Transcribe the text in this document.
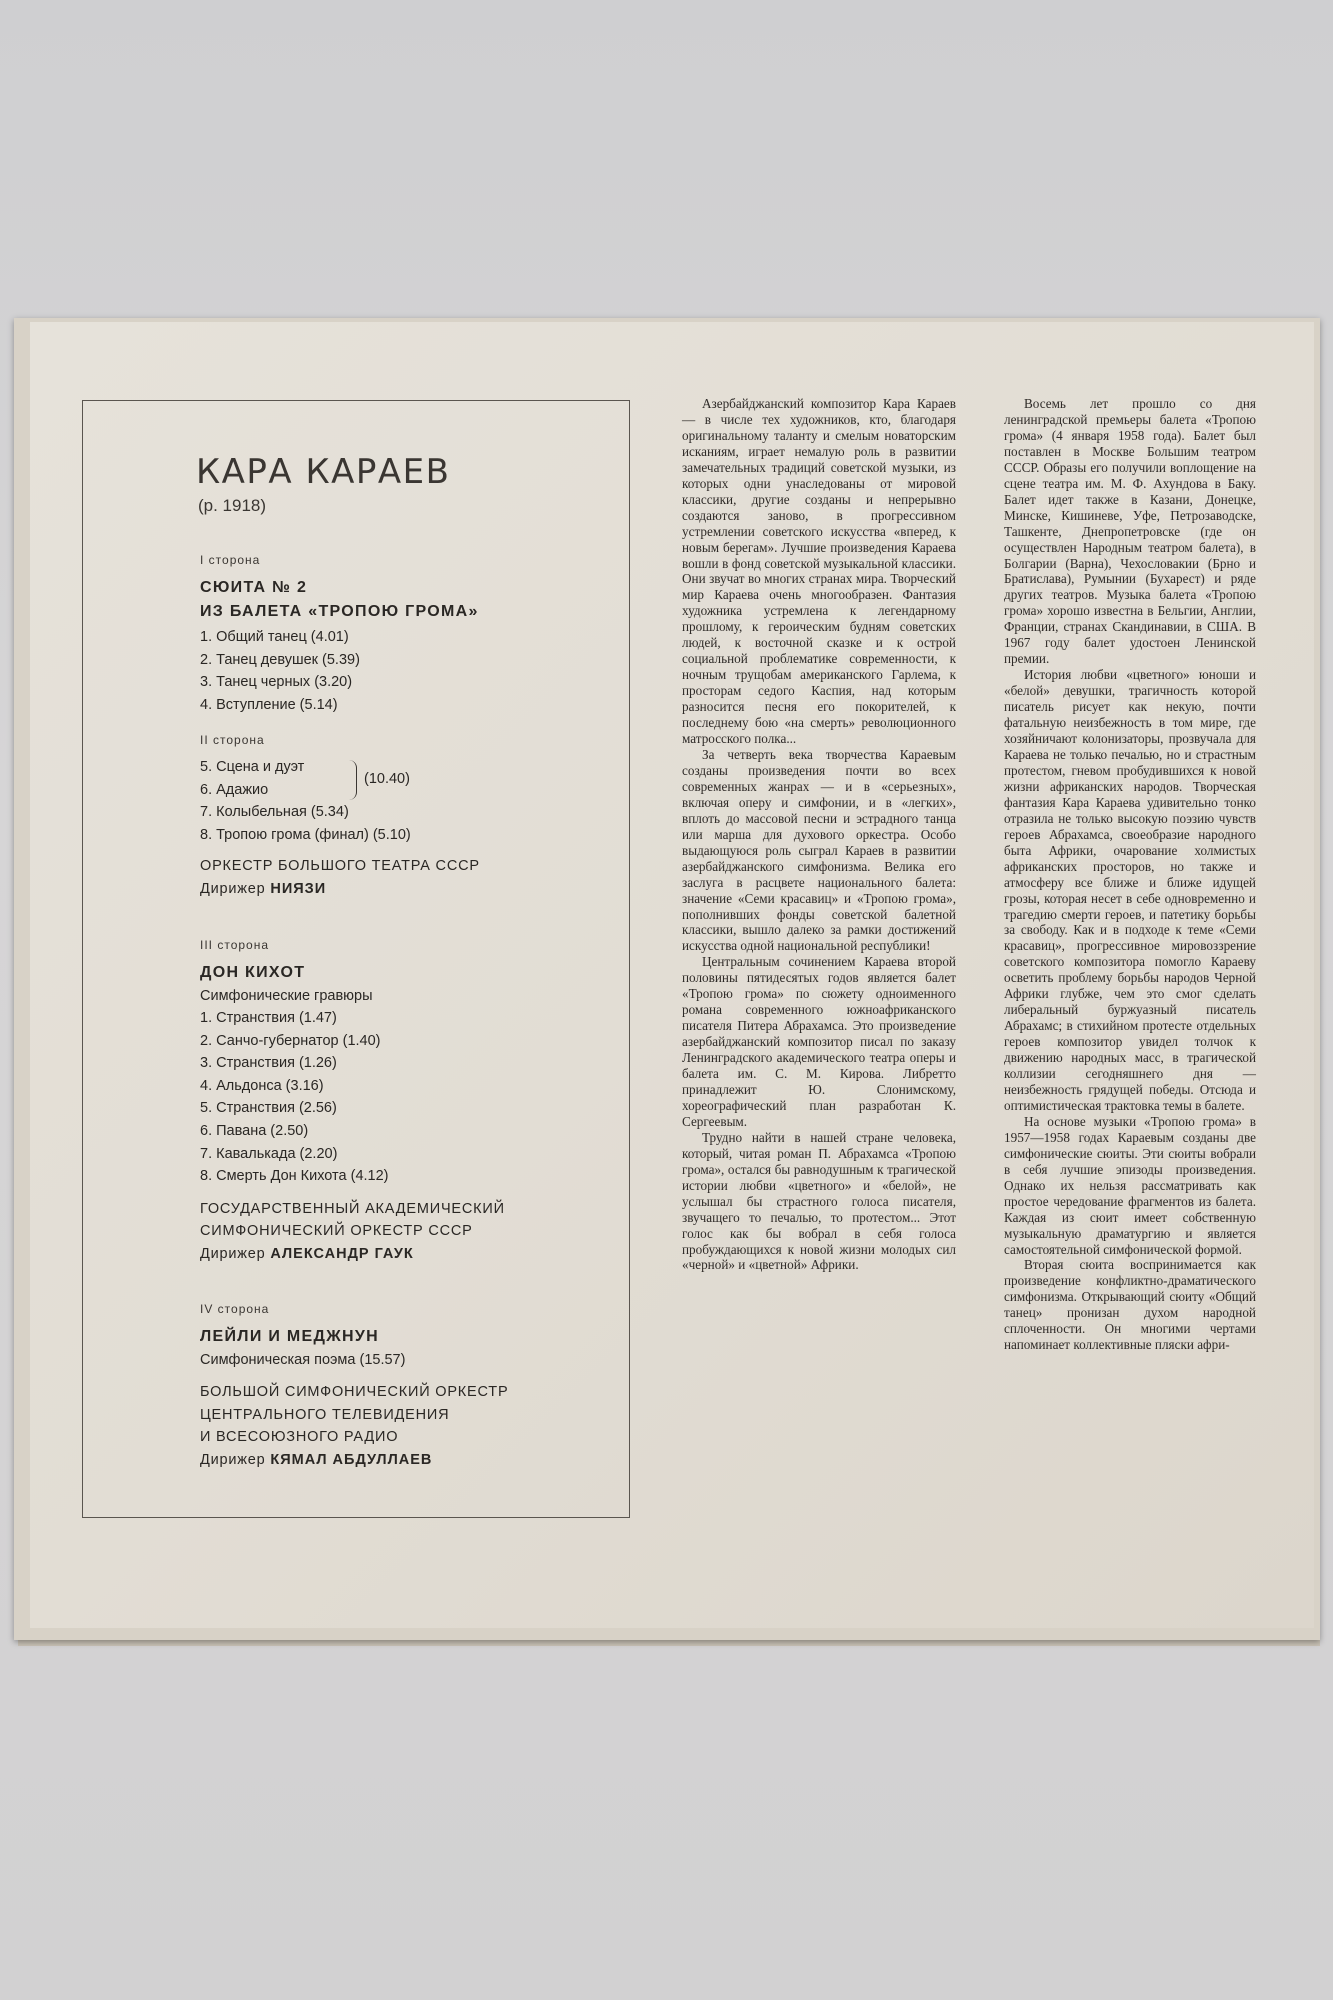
КАРА КАРАЕВ
(р. 1918)
I сторона
СЮИТА № 2
ИЗ БАЛЕТА «ТРОПОЮ ГРОМА»
1. Общий танец (4.01)
2. Танец девушек (5.39)
3. Танец черных (3.20)
4. Вступление (5.14)
II сторона
5. Сцена и дуэт
6. Адажио
7. Колыбельная (5.34)
8. Тропою грома (финал) (5.10)
ОРКЕСТР БОЛЬШОГО ТЕАТРА СССР
Дирижер НИЯЗИ
(10.40)
III сторона
ДОН КИХОТ
Симфонические гравюры
1. Странствия (1.47)
2. Санчо-губернатор (1.40)
3. Странствия (1.26)
4. Альдонса (3.16)
5. Странствия (2.56)
6. Павана (2.50)
7. Кавалькада (2.20)
8. Смерть Дон Кихота (4.12)
ГОСУДАРСТВЕННЫЙ АКАДЕМИЧЕСКИЙ
СИМФОНИЧЕСКИЙ ОРКЕСТР СССР
Дирижер АЛЕКСАНДР ГАУК
IV сторона
ЛЕЙЛИ И МЕДЖНУН
Симфоническая поэма (15.57)
БОЛЬШОЙ СИМФОНИЧЕСКИЙ ОРКЕСТР
ЦЕНТРАЛЬНОГО ТЕЛЕВИДЕНИЯ
И ВСЕСОЮЗНОГО РАДИО
Дирижер КЯМАЛ АБДУЛЛАЕВ

Азербайджанский композитор Кара Караев — в числе тех художников, кто, благодаря оригинальному таланту и смелым новаторским исканиям, играет немалую роль в развитии замечательных традиций советской музыки, из которых одни унаследованы от мировой классики, другие созданы и непрерывно создаются заново, в прогрессивном устремлении советского искусства «вперед, к новым берегам». Лучшие произведения Караева вошли в фонд советской музыкальной классики. Они звучат во многих странах мира. Творческий мир Караева очень многообразен. Фантазия художника устремлена к легендарному прошлому, к героическим будням советских людей, к восточной сказке и к острой социальной проблематике современности, к ночным трущобам американского Гарлема, к просторам седого Каспия, над которым разносится песня его покорителей, к последнему бою «на смерть» революционного матросского полка...

За четверть века творчества Караевым созданы произведения почти во всех современных жанрах — и в «серьезных», включая оперу и симфонии, и в «легких», вплоть до массовой песни и эстрадного танца или марша для духового оркестра. Особо выдающуюся роль сыграл Караев в развитии азербайджанского симфонизма. Велика его заслуга в расцвете национального балета: значение «Семи красавиц» и «Тропою грома», пополнивших фонды советской балетной классики, вышло далеко за рамки достижений искусства одной национальной республики!

Центральным сочинением Караева второй половины пятидесятых годов является балет «Тропою грома» по сюжету одноименного романа современного южноафриканского писателя Питера Абрахамса. Это произведение азербайджанский композитор писал по заказу Ленинградского академического театра оперы и балета им. С. М. Кирова. Либретто принадлежит Ю. Слонимскому, хореографический план разработан К. Сергеевым.

Трудно найти в нашей стране человека, который, читая роман П. Абрахамса «Тропою грома», остался бы равнодушным к трагической истории любви «цветного» и «белой», не услышал бы страстного голоса писателя, звучащего то печалью, то протестом... Этот голос как бы вобрал в себя голоса пробуждающихся к новой жизни молодых сил «черной» и «цветной» Африки.

Восемь лет прошло со дня ленинградской премьеры балета «Тропою грома» (4 января 1958 года). Балет был поставлен в Москве Большим театром СССР. Образы его получили воплощение на сцене театра им. М. Ф. Ахундова в Баку. Балет идет также в Казани, Донецке, Минске, Кишиневе, Уфе, Петрозаводске, Ташкенте, Днепропетровске (где он осуществлен Народным театром балета), в Болгарии (Варна), Чехословакии (Брно и Братислава), Румынии (Бухарест) и ряде других театров. Музыка балета «Тропою грома» хорошо известна в Бельгии, Англии, Франции, странах Скандинавии, в США. В 1967 году балет удостоен Ленинской премии.

История любви «цветного» юноши и «белой» девушки, трагичность которой писатель рисует как некую, почти фатальную неизбежность в том мире, где хозяйничают колонизаторы, прозвучала для Караева не только печалью, но и страстным протестом, гневом пробудившихся к новой жизни африканских народов. Творческая фантазия Кара Караева удивительно тонко отразила не только высокую поэзию чувств героев Абрахамса, своеобразие народного быта Африки, очарование холмистых африканских просторов, но также и атмосферу все ближе и ближе идущей грозы, которая несет в себе одновременно и трагедию смерти героев, и патетику борьбы за свободу. Как и в подходе к теме «Семи красавиц», прогрессивное мировоззрение советского композитора помогло Караеву осветить проблему борьбы народов Черной Африки глубже, чем это смог сделать либеральный буржуазный писатель Абрахамс; в стихийном протесте отдельных героев композитор увидел толчок к движению народных масс, в трагической коллизии сегодняшнего дня — неизбежность грядущей победы. Отсюда и оптимистическая трактовка темы в балете.

На основе музыки «Тропою грома» в 1957—1958 годах Караевым созданы две симфонические сюиты. Эти сюиты вобрали в себя лучшие эпизоды произведения. Однако их нельзя рассматривать как простое чередование фрагментов из балета. Каждая из сюит имеет собственную музыкальную драматургию и является самостоятельной симфонической формой.

Вторая сюита воспринимается как произведение конфликтно-драматического симфонизма. Открывающий сюиту «Общий танец» пронизан духом народной сплоченности. Он многими чертами напоминает коллективные пляски афри-
